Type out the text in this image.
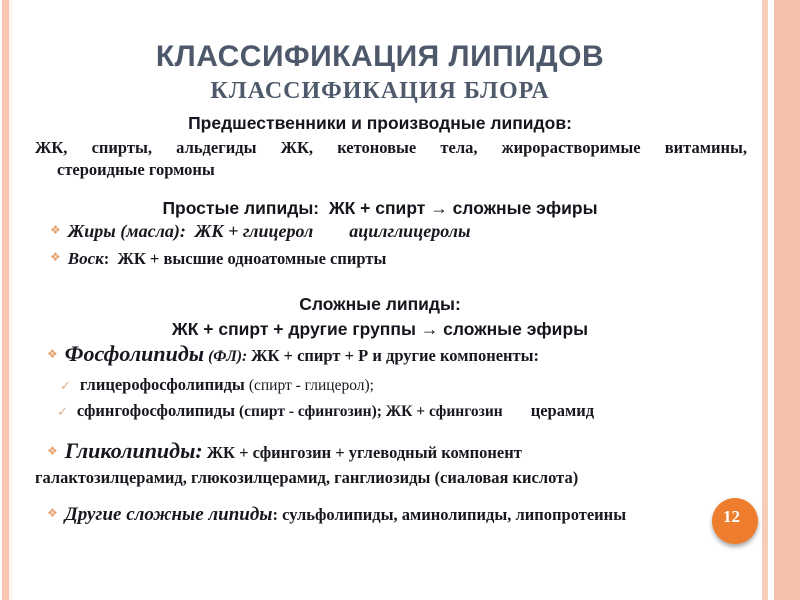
КЛАССИФИКАЦИЯ ЛИПИДОВ
КЛАССИФИКАЦИЯ БЛОРА
Предшественники и производные липидов:
ЖК, спирты, альдегиды ЖК, кетоновые тела, жирорастворимые витамины,
стероидные гормоны
Простые липиды:  ЖК + спирт → сложные эфиры
❖ Жиры (масла):  ЖК + глицерол ацилглицеролы
❖ Воск:  ЖК + высшие одноатомные спирты
Сложные липиды:
ЖК + спирт + другие группы → сложные эфиры
❖ Фосфолипиды (ФЛ): ЖК + спирт + Р и другие компоненты:
✓ глицерофосфолипиды (спирт - глицерол);
✓ сфингофосфолипиды (спирт - сфингозин); ЖК + сфингозин церамид
❖ Гликолипиды: ЖК + сфингозин + углеводный компонент
галактозилцерамид, глюкозилцерамид, ганглиозиды (сиаловая кислота)
❖ Другие сложные липиды: сульфолипиды, аминолипиды, липопротеины	12
